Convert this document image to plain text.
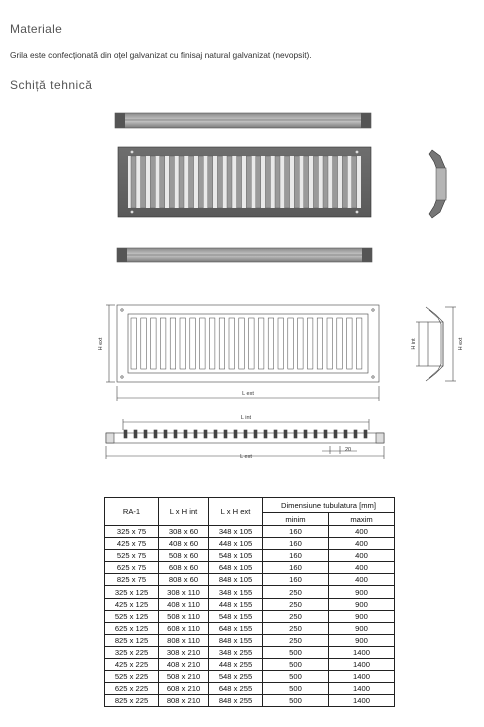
Materiale
Grila este confecționată din oțel galvanizat cu finisaj natural galvanizat (nevopsit).
Schiță tehnică
H ext
L ext
H int	H ext
L int
L ext
20
RA-1	L x H int	L x H ext	Dimensiune tubulatura [mm]	
			minim	maxim
325 x 75	308 x 60	348 x 105	160	400
425 x 75	408 x 60	448 x 105	160	400
525 x 75	508 x 60	548 x 105	160	400
625 x 75	608 x 60	648 x 105	160	400
825 x 75	808 x 60	848 x 105	160	400
325 x 125	308 x 110	348 x 155	250	900
425 x 125	408 x 110	448 x 155	250	900
525 x 125	508 x 110	548 x 155	250	900
625 x 125	608 x 110	648 x 155	250	900
825 x 125	808 x 110	848 x 155	250	900
325 x 225	308 x 210	348 x 255	500	1400
425 x 225	408 x 210	448 x 255	500	1400
525 x 225	508 x 210	548 x 255	500	1400
625 x 225	608 x 210	648 x 255	500	1400
825 x 225	808 x 210	848 x 255	500	1400
